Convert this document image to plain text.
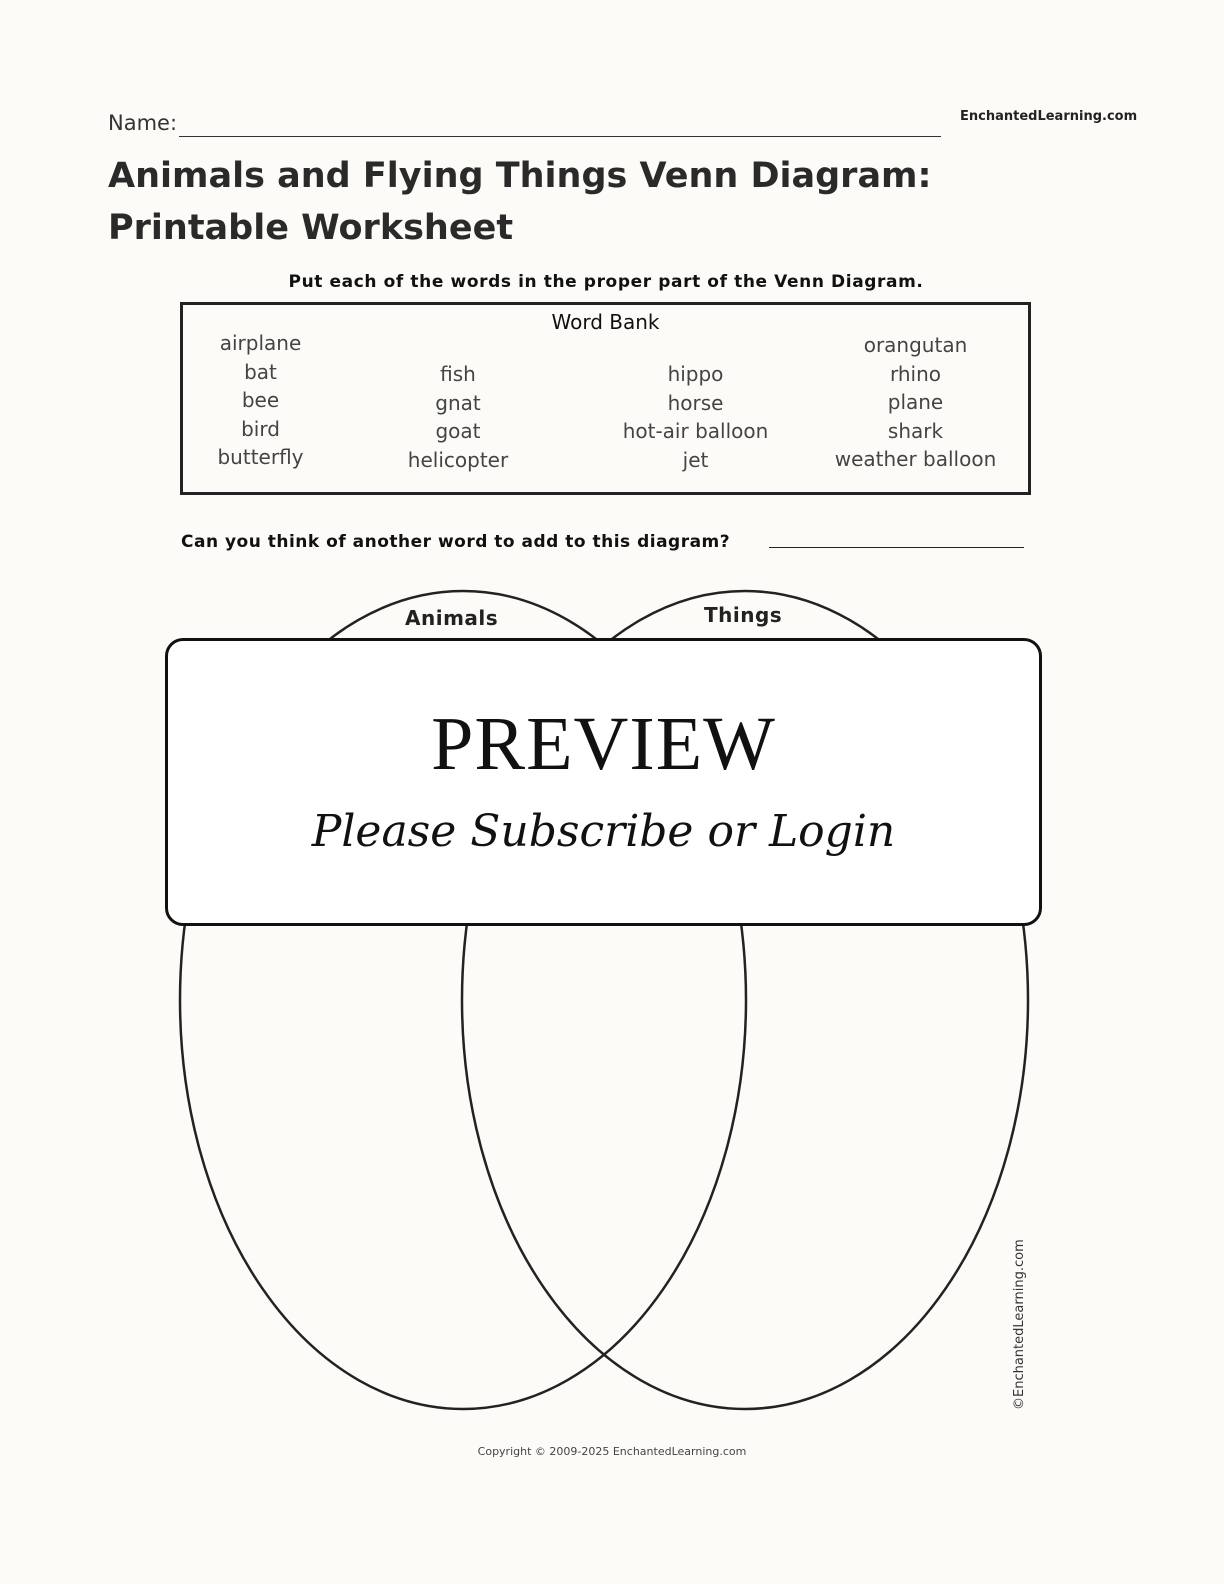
Name:	EnchantedLearning.com
Animals and Flying Things Venn Diagram: Printable Worksheet
Put each of the words in the proper part of the Venn Diagram.
Word Bank
airplane
bat
bee
bird
butterfly
fish
gnat
goat
helicopter
hippo
horse
hot-air balloon
jet
orangutan
rhino
plane
shark
weather balloon
Can you think of another word to add to this diagram?
Animals	Things
PREVIEW
Please Subscribe or Login
©EnchantedLearning.com
Copyright © 2009-2025 EnchantedLearning.com
